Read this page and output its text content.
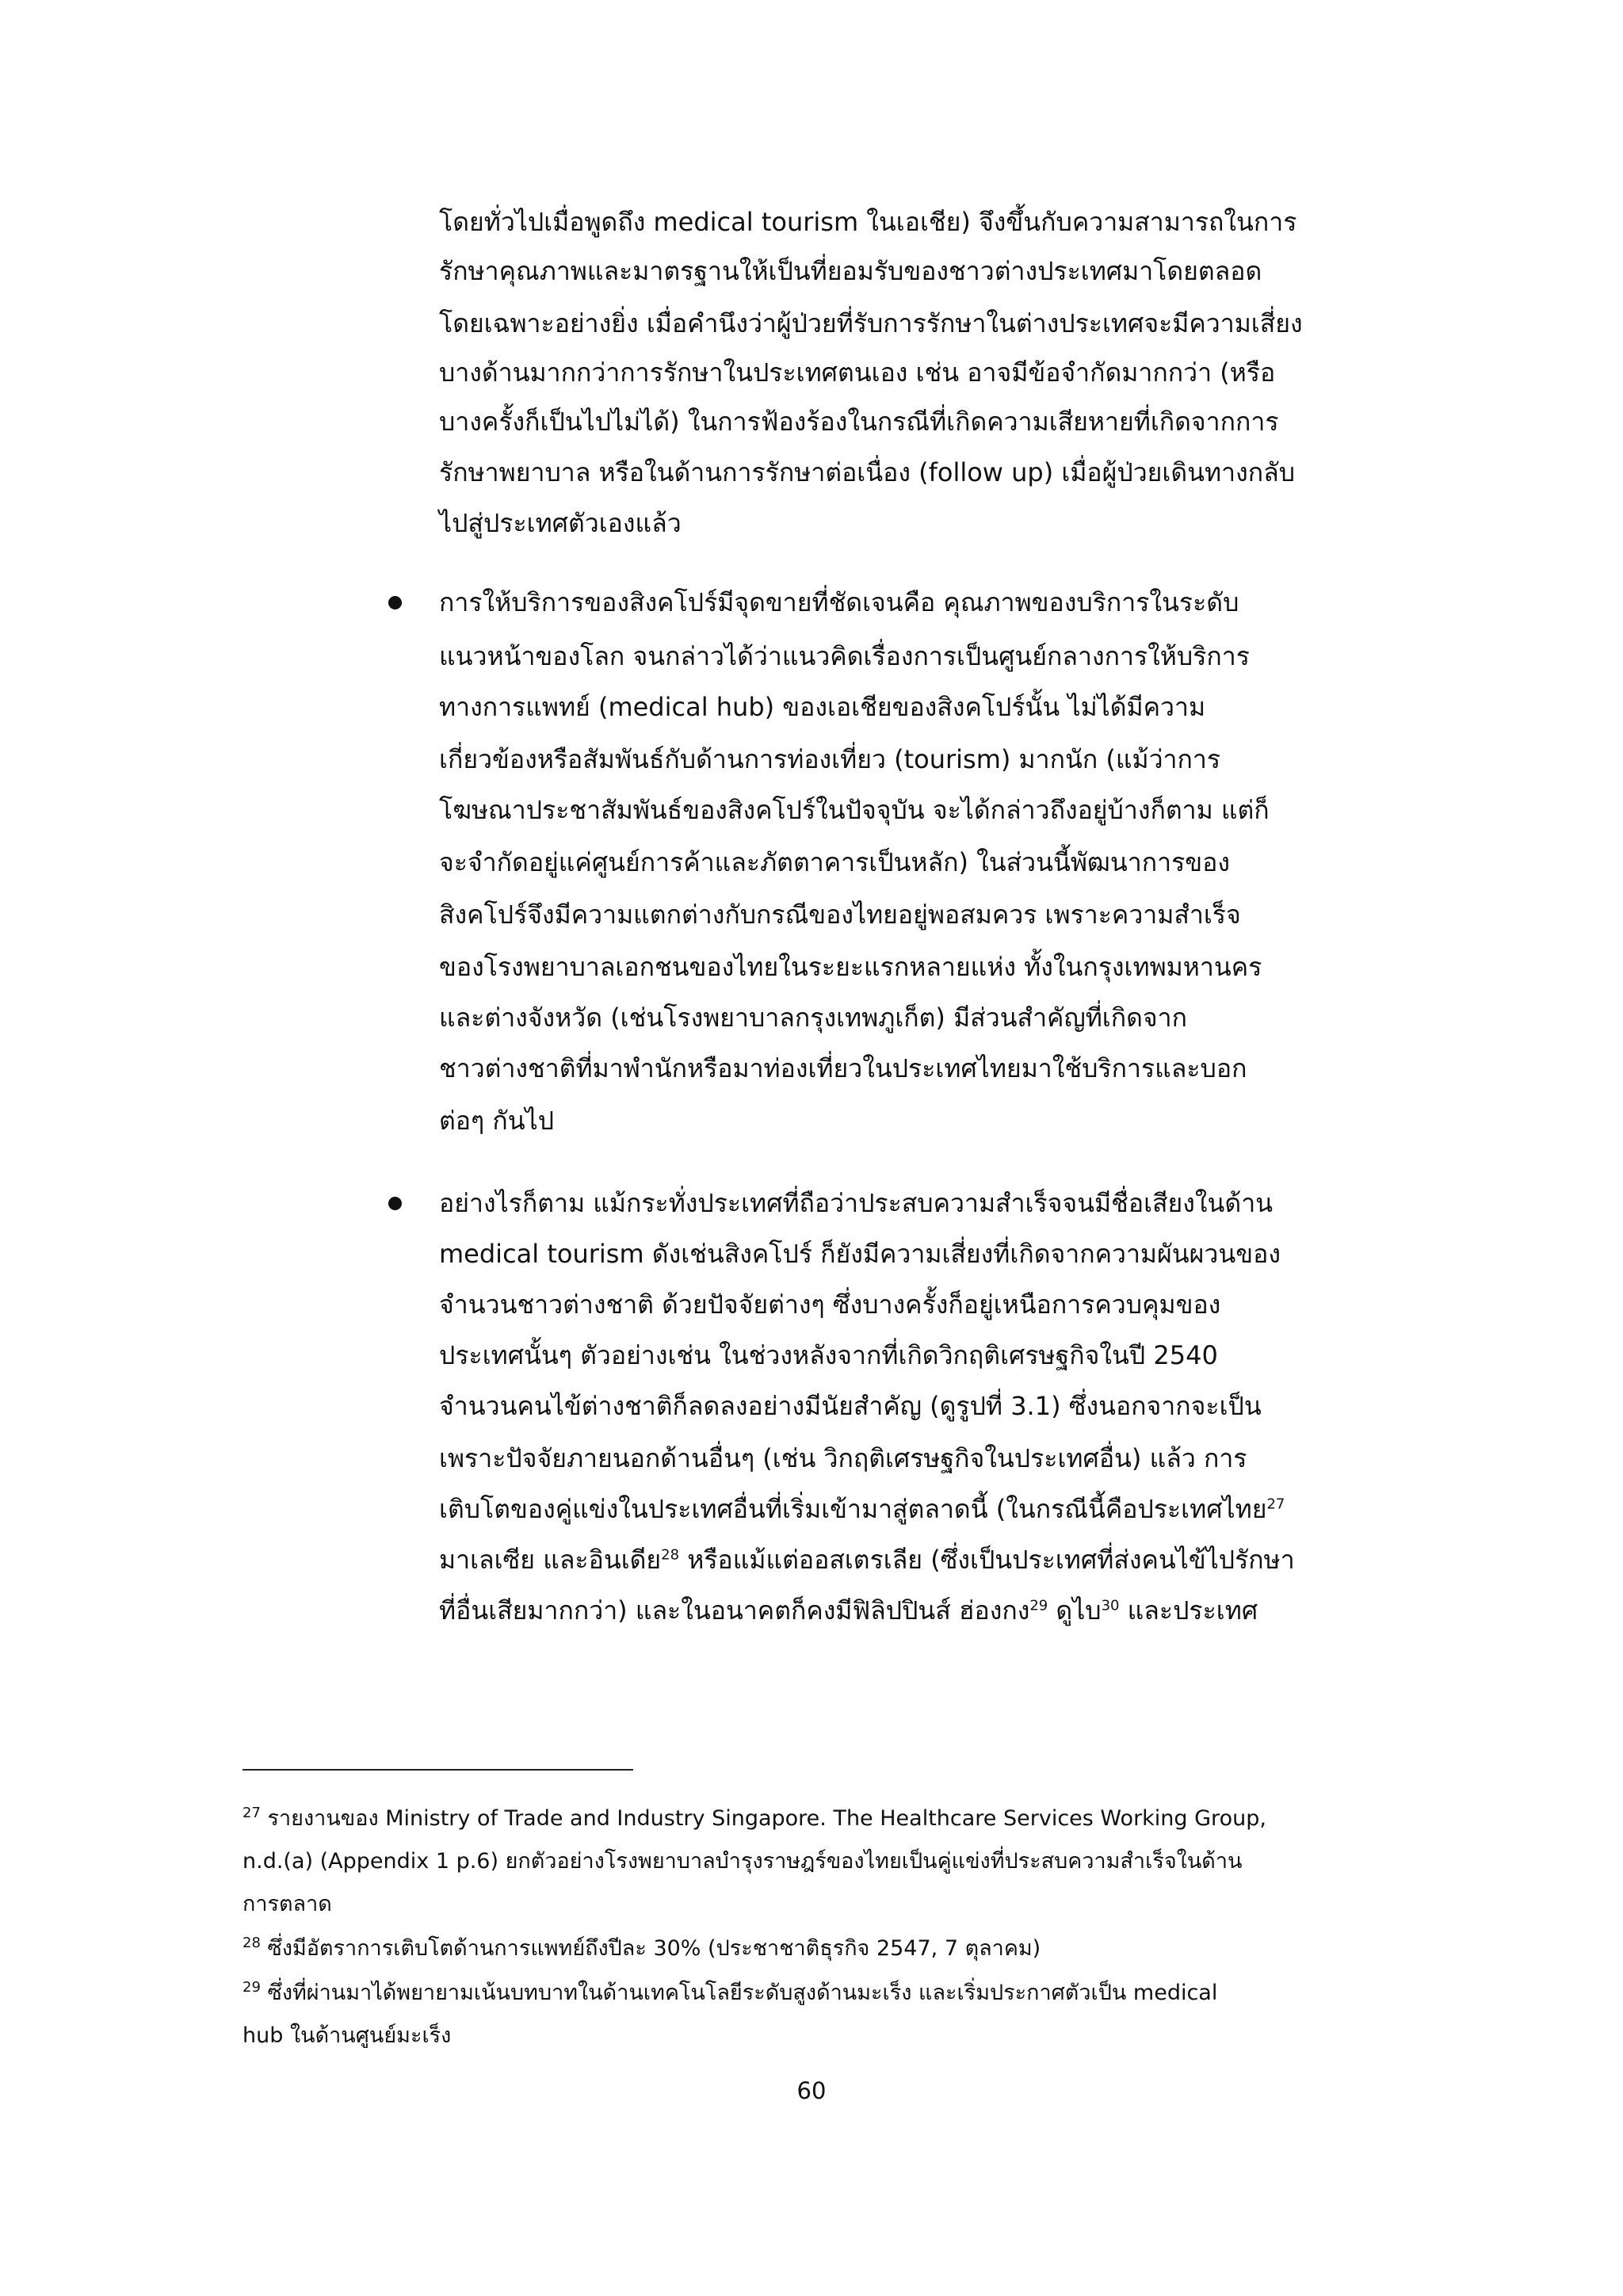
โดยทั่วไปเมื่อพูดถึง medical tourism ในเอเชีย) จึงขึ้นกับความสามารถในการ
รักษาคุณภาพและมาตรฐานให้เป็นที่ยอมรับของชาวต่างประเทศมาโดยตลอด
โดยเฉพาะอย่างยิ่ง เมื่อคำนึงว่าผู้ป่วยที่รับการรักษาในต่างประเทศจะมีความเสี่ยง
บางด้านมากกว่าการรักษาในประเทศตนเอง เช่น อาจมีข้อจำกัดมากกว่า (หรือ
บางครั้งก็เป็นไปไม่ได้) ในการฟ้องร้องในกรณีที่เกิดความเสียหายที่เกิดจากการ
รักษาพยาบาล หรือในด้านการรักษาต่อเนื่อง (follow up) เมื่อผู้ป่วยเดินทางกลับ
ไปสู่ประเทศตัวเองแล้ว
การให้บริการของสิงคโปร์มีจุดขายที่ชัดเจนคือ คุณภาพของบริการในระดับ
แนวหน้าของโลก จนกล่าวได้ว่าแนวคิดเรื่องการเป็นศูนย์กลางการให้บริการ
ทางการแพทย์ (medical hub) ของเอเชียของสิงคโปร์นั้น ไม่ได้มีความ
เกี่ยวข้องหรือสัมพันธ์กับด้านการท่องเที่ยว (tourism) มากนัก (แม้ว่าการ
โฆษณาประชาสัมพันธ์ของสิงคโปร์ในปัจจุบัน จะได้กล่าวถึงอยู่บ้างก็ตาม แต่ก็
จะจำกัดอยู่แค่ศูนย์การค้าและภัตตาคารเป็นหลัก) ในส่วนนี้พัฒนาการของ
สิงคโปร์จึงมีความแตกต่างกับกรณีของไทยอยู่พอสมควร เพราะความสำเร็จ
ของโรงพยาบาลเอกชนของไทยในระยะแรกหลายแห่ง ทั้งในกรุงเทพมหานคร
และต่างจังหวัด (เช่นโรงพยาบาลกรุงเทพภูเก็ต) มีส่วนสำคัญที่เกิดจาก
ชาวต่างชาติที่มาพำนักหรือมาท่องเที่ยวในประเทศไทยมาใช้บริการและบอก
ต่อๆ กันไป
อย่างไรก็ตาม แม้กระทั่งประเทศที่ถือว่าประสบความสำเร็จจนมีชื่อเสียงในด้าน
medical tourism ดังเช่นสิงคโปร์ ก็ยังมีความเสี่ยงที่เกิดจากความผันผวนของ
จำนวนชาวต่างชาติ ด้วยปัจจัยต่างๆ ซึ่งบางครั้งก็อยู่เหนือการควบคุมของ
ประเทศนั้นๆ ตัวอย่างเช่น ในช่วงหลังจากที่เกิดวิกฤติเศรษฐกิจในปี 2540
จำนวนคนไข้ต่างชาติก็ลดลงอย่างมีนัยสำคัญ (ดูรูปที่ 3.1) ซึ่งนอกจากจะเป็น
เพราะปัจจัยภายนอกด้านอื่นๆ (เช่น วิกฤติเศรษฐกิจในประเทศอื่น) แล้ว การ
เติบโตของคู่แข่งในประเทศอื่นที่เริ่มเข้ามาสู่ตลาดนี้ (ในกรณีนี้คือประเทศไทย$^{27}$
มาเลเซีย และอินเดีย$^{28}$ หรือแม้แต่ออสเตรเลีย (ซึ่งเป็นประเทศที่ส่งคนไข้ไปรักษา
ที่อื่นเสียมากกว่า) และในอนาคตก็คงมีฟิลิปปินส์ ฮ่องกง$^{29}$ ดูไบ$^{30}$ และประเทศ
$^{27}$ รายงานของ Ministry of Trade and Industry Singapore. The Healthcare Services Working Group,
n.d.(a) (Appendix 1 p.6) ยกตัวอย่างโรงพยาบาลบำรุงราษฎร์ของไทยเป็นคู่แข่งที่ประสบความสำเร็จในด้าน
การตลาด
$^{28}$ ซึ่งมีอัตราการเติบโตด้านการแพทย์ถึงปีละ 30% (ประชาชาติธุรกิจ 2547, 7 ตุลาคม)
$^{29}$ ซึ่งที่ผ่านมาได้พยายามเน้นบทบาทในด้านเทคโนโลยีระดับสูงด้านมะเร็ง และเริ่มประกาศตัวเป็น medical
hub ในด้านศูนย์มะเร็ง
60
